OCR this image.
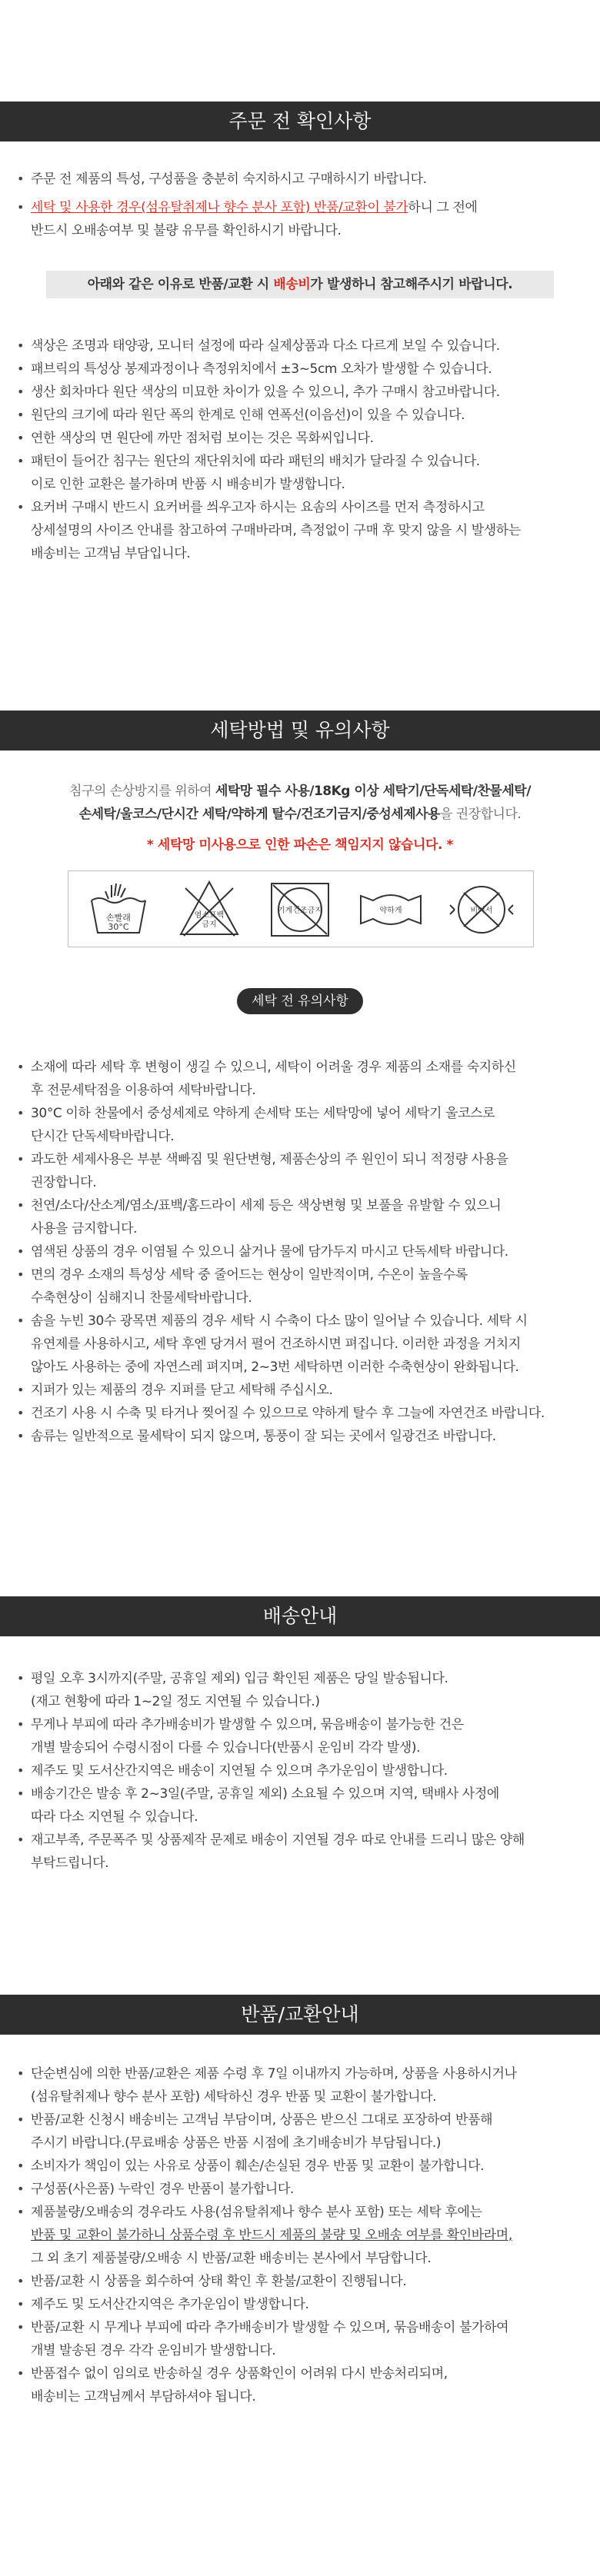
주문 전 확인사항
• 주문 전 제품의 특성, 구성품을 충분히 숙지하시고 구매하시기 바랍니다.
• 세탁 및 사용한 경우(섬유탈취제나 향수 분사 포함) 반품/교환이 불가하니 그 전에
반드시 오배송여부 및 불량 유무를 확인하시기 바랍니다.
아래와 같은 이유로 반품/교환 시 배송비가 발생하니 참고해주시기 바랍니다.
• 색상은 조명과 태양광, 모니터 설정에 따라 실제상품과 다소 다르게 보일 수 있습니다.
• 패브릭의 특성상 봉제과정이나 측정위치에서 ±3~5cm 오차가 발생할 수 있습니다.
• 생산 회차마다 원단 색상의 미묘한 차이가 있을 수 있으니, 추가 구매시 참고바랍니다.
• 원단의 크기에 따라 원단 폭의 한계로 인해 연폭선(이음선)이 있을 수 있습니다.
• 연한 색상의 면 원단에 까만 점처럼 보이는 것은 목화씨입니다.
• 패턴이 들어간 침구는 원단의 재단위치에 따라 패턴의 배치가 달라질 수 있습니다.
이로 인한 교환은 불가하며 반품 시 배송비가 발생합니다.
• 요커버 구매시 반드시 요커버를 씌우고자 하시는 요솜의 사이즈를 먼저 측정하시고
상세설명의 사이즈 안내를 참고하여 구매바라며, 측정없이 구매 후 맞지 않을 시 발생하는
배송비는 고객님 부담입니다.
세탁방법 및 유의사항
침구의 손상방지를 위하여 세탁망 필수 사용/18Kg 이상 세탁기/단독세탁/찬물세탁/
손세탁/울코스/단시간 세탁/약하게 탈수/건조기금지/중성세제사용을 권장합니다.
* 세탁망 미사용으로 인한 파손은 책임지지 않습니다. *
손빨래
30°C
염소표백
금지
기계건조금지	약하게	비어서
세탁 전 유의사항
• 소재에 따라 세탁 후 변형이 생길 수 있으니, 세탁이 어려울 경우 제품의 소재를 숙지하신
후 전문세탁점을 이용하여 세탁바랍니다.
• 30°C 이하 찬물에서 중성세제로 약하게 손세탁 또는 세탁망에 넣어 세탁기 울코스로
단시간 단독세탁바랍니다.
• 과도한 세제사용은 부분 색빠짐 및 원단변형, 제품손상의 주 원인이 되니 적정량 사용을
권장합니다.
• 천연/소다/산소계/염소/표백/홈드라이 세제 등은 색상변형 및 보풀을 유발할 수 있으니
사용을 금지합니다.
• 염색된 상품의 경우 이염될 수 있으니 삶거나 물에 담가두지 마시고 단독세탁 바랍니다.
• 면의 경우 소재의 특성상 세탁 중 줄어드는 현상이 일반적이며, 수온이 높을수록
수축현상이 심해지니 찬물세탁바랍니다.
• 솜을 누빈 30수 광목면 제품의 경우 세탁 시 수축이 다소 많이 일어날 수 있습니다. 세탁 시
유연제를 사용하시고, 세탁 후엔 당겨서 펼어 건조하시면 펴집니다. 이러한 과정을 거치지
않아도 사용하는 중에 자연스레 펴지며, 2~3번 세탁하면 이러한 수축현상이 완화됩니다.
• 지퍼가 있는 제품의 경우 지퍼를 닫고 세탁해 주십시오.
• 건조기 사용 시 수축 및 타거나 찢어질 수 있으므로 약하게 탈수 후 그늘에 자연건조 바랍니다.
• 솜류는 일반적으로 물세탁이 되지 않으며, 통풍이 잘 되는 곳에서 일광건조 바랍니다.
배송안내
• 평일 오후 3시까지(주말, 공휴일 제외) 입금 확인된 제품은 당일 발송됩니다.
(재고 현황에 따라 1~2일 정도 지연될 수 있습니다.)
• 무게나 부피에 따라 추가배송비가 발생할 수 있으며, 묶음배송이 불가능한 건은
개별 발송되어 수령시점이 다를 수 있습니다(반품시 운임비 각각 발생).
• 제주도 및 도서산간지역은 배송이 지연될 수 있으며 추가운임이 발생합니다.
• 배송기간은 발송 후 2~3일(주말, 공휴일 제외) 소요될 수 있으며 지역, 택배사 사정에
따라 다소 지연될 수 있습니다.
• 재고부족, 주문폭주 및 상품제작 문제로 배송이 지연될 경우 따로 안내를 드리니 많은 양해
부탁드립니다.
반품/교환안내
• 단순변심에 의한 반품/교환은 제품 수령 후 7일 이내까지 가능하며, 상품을 사용하시거나
(섬유탈취제나 향수 분사 포함) 세탁하신 경우 반품 및 교환이 불가합니다.
• 반품/교환 신청시 배송비는 고객님 부담이며, 상품은 받으신 그대로 포장하여 반품해
주시기 바랍니다.(무료배송 상품은 반품 시점에 초기배송비가 부담됩니다.)
• 소비자가 책임이 있는 사유로 상품이 훼손/손실된 경우 반품 및 교환이 불가합니다.
• 구성품(사은품) 누락인 경우 반품이 불가합니다.
• 제품불량/오배송의 경우라도 사용(섬유탈취제나 향수 분사 포함) 또는 세탁 후에는
반품 및 교환이 불가하니 상품수령 후 반드시 제품의 불량 및 오배송 여부를 확인바라며,
그 외 초기 제품불량/오배송 시 반품/교환 배송비는 본사에서 부담합니다.
• 반품/교환 시 상품을 회수하여 상태 확인 후 환불/교환이 진행됩니다.
• 제주도 및 도서산간지역은 추가운임이 발생합니다.
• 반품/교환 시 무게나 부피에 따라 추가배송비가 발생할 수 있으며, 묶음배송이 불가하여
개별 발송된 경우 각각 운임비가 발생합니다.
• 반품접수 없이 임의로 반송하실 경우 상품확인이 어려워 다시 반송처리되며,
배송비는 고객님께서 부담하셔야 됩니다.
